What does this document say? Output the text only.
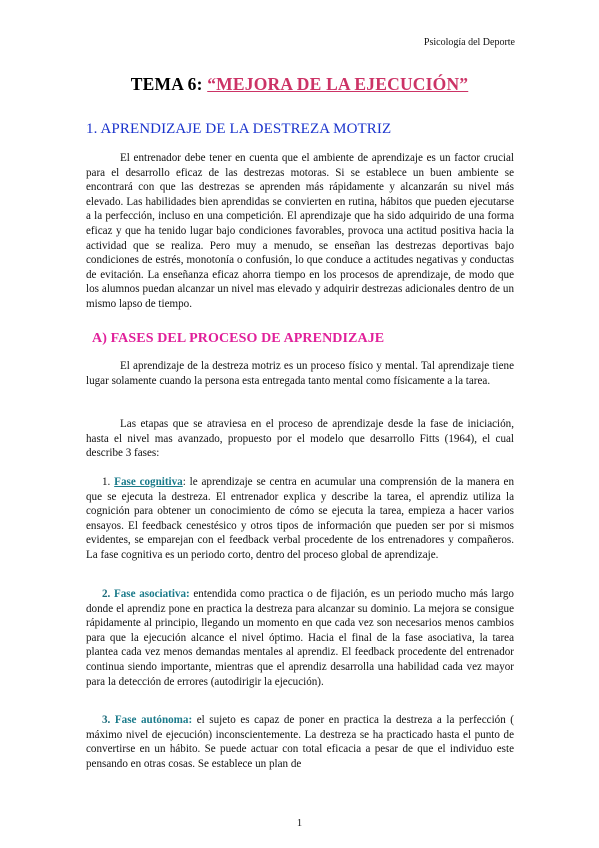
Psicología del Deporte
TEMA 6: “MEJORA DE LA EJECUCIÓN”
1. APRENDIZAJE DE LA DESTREZA MOTRIZ

El entrenador debe tener en cuenta que el ambiente de aprendizaje es un factor crucial para el desarrollo eficaz de las destrezas motoras. Si se establece un buen ambiente se encontrará con que las destrezas se aprenden más rápidamente y alcanzarán su nivel más elevado. Las habilidades bien aprendidas se convierten en rutina, hábitos que pueden ejecutarse a la perfección, incluso en una competición. El aprendizaje que ha sido adquirido de una forma eficaz y que ha tenido lugar bajo condiciones favorables, provoca una actitud positiva hacia la actividad que se realiza. Pero muy a menudo, se enseñan las destrezas deportivas bajo condiciones de estrés, monotonía o confusión, lo que conduce a actitudes negativas y conductas de evitación. La enseñanza eficaz ahorra tiempo en los procesos de aprendizaje, de modo que los alumnos puedan alcanzar un nivel mas elevado y adquirir destrezas adicionales dentro de un mismo lapso de tiempo.

A) FASES DEL PROCESO DE APRENDIZAJE

El aprendizaje de la destreza motriz es un proceso físico y mental. Tal aprendizaje tiene lugar solamente cuando la persona esta entregada tanto mental como físicamente a la tarea.

Las etapas que se atraviesa en el proceso de aprendizaje desde la fase de iniciación, hasta el nivel mas avanzado, propuesto por el modelo que desarrollo Fitts (1964), el cual describe 3 fases:

1. Fase cognitiva: le aprendizaje se centra en acumular una comprensión de la manera en que se ejecuta la destreza. El entrenador explica y describe la tarea, el aprendiz utiliza la cognición para obtener un conocimiento de cómo se ejecuta la tarea, empieza a hacer varios ensayos. El feedback cenestésico y otros tipos de información que pueden ser por si mismos evidentes, se emparejan con el feedback verbal procedente de los entrenadores y compañeros. La fase cognitiva es un periodo corto, dentro del proceso global de aprendizaje.

2. Fase asociativa: entendida como practica o de fijación, es un periodo mucho más largo donde el aprendiz pone en practica la destreza para alcanzar su dominio. La mejora se consigue rápidamente al principio, llegando un momento en que cada vez son necesarios menos cambios para que la ejecución alcance el nivel óptimo. Hacia el final de la fase asociativa, la tarea plantea cada vez menos demandas mentales al aprendiz. El feedback procedente del entrenador continua siendo importante, mientras que el aprendiz desarrolla una habilidad cada vez mayor para la detección de errores (autodirigir la ejecución).

3. Fase autónoma: el sujeto es capaz de poner en practica la destreza a la perfección ( máximo nivel de ejecución) inconscientemente. La destreza se ha practicado hasta el punto de convertirse en un hábito. Se puede actuar con total eficacia a pesar de que el individuo este pensando en otras cosas. Se establece un plan de

1
